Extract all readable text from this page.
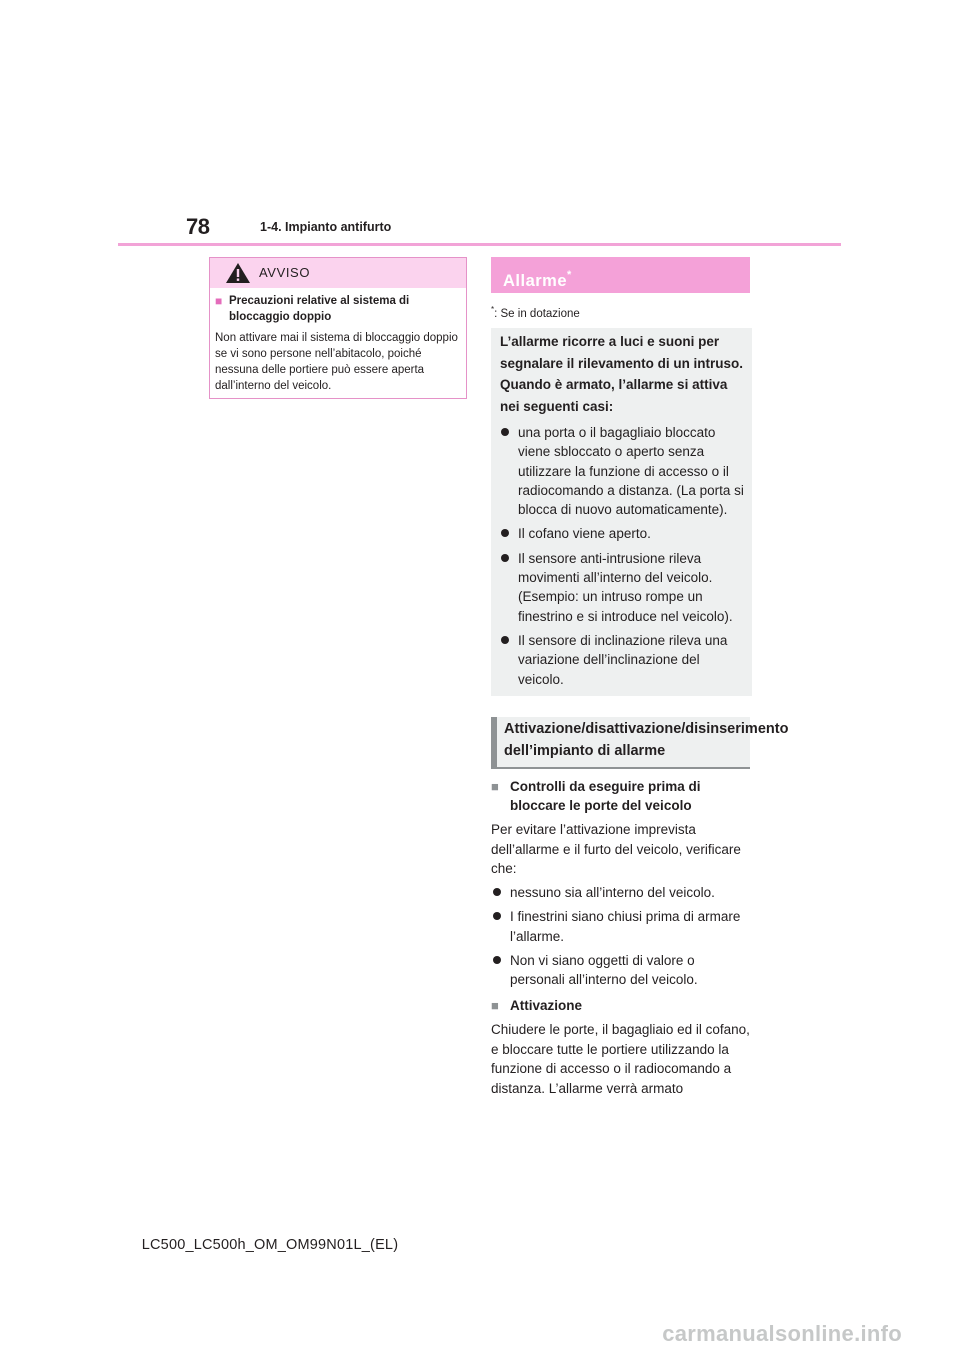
78	1-4. Impianto antifurto
AVVISO
■ Precauzioni relative al sistema di bloccaggio doppio
Non attivare mai il sistema di bloccaggio doppio se vi sono persone nell’abitacolo, poiché nessuna delle portiere può essere aperta dall’interno del veicolo.
Allarme*
*: Se in dotazione
L’allarme ricorre a luci e suoni per segnalare il rilevamento di un intruso. Quando è armato, l’allarme si attiva nei seguenti casi:
una porta o il bagagliaio bloccato viene sbloccato o aperto senza utilizzare la funzione di accesso o il radiocomando a distanza. (La porta si blocca di nuovo automaticamente).
Il cofano viene aperto.
Il sensore anti-intrusione rileva movimenti all’interno del veicolo. (Esempio: un intruso rompe un finestrino e si introduce nel veicolo).
Il sensore di inclinazione rileva una variazione dell’inclinazione del veicolo.
Attivazione/disattivazione/disinserimento dell’impianto di allarme
■ Controlli da eseguire prima di bloccare le porte del veicolo
Per evitare l’attivazione imprevista dell’allarme e il furto del veicolo, verificare che:
nessuno sia all’interno del veicolo.
I finestrini siano chiusi prima di armare l’allarme.
Non vi siano oggetti di valore o personali all’interno del veicolo.
■ Attivazione
Chiudere le porte, il bagagliaio ed il cofano, e bloccare tutte le portiere utilizzando la funzione di accesso o il radiocomando a distanza. L’allarme verrà armato
LC500_LC500h_OM_OM99N01L_(EL)
carmanualsonline.info
